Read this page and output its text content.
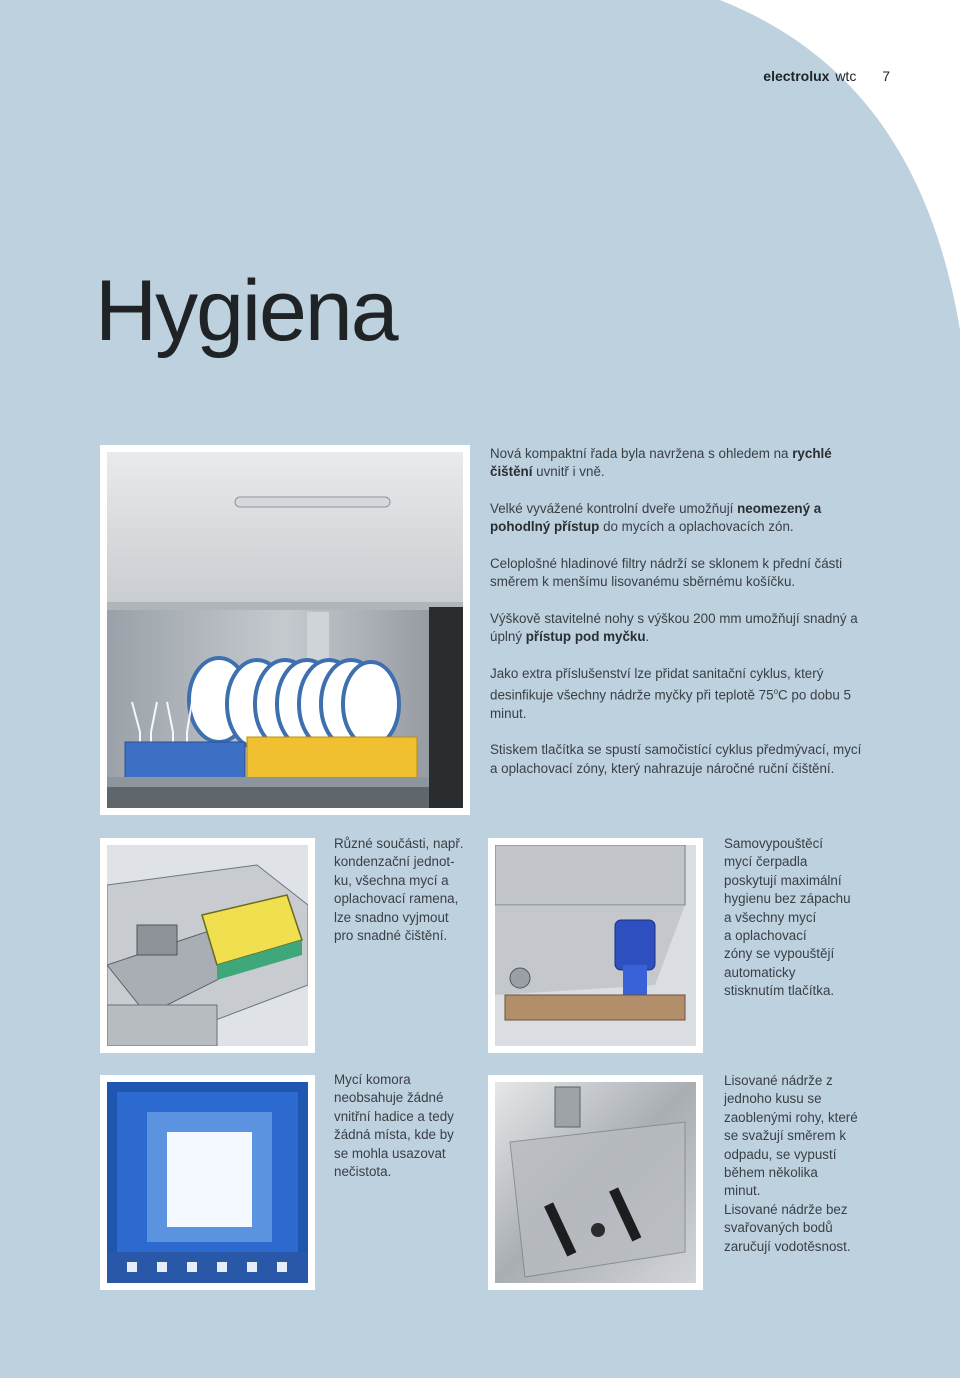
electrolux wtc 7
Hygiena

Nová kompaktní řada byla navržena s ohledem na rychlé čištění uvnitř i vně.

Velké vyvážené kontrolní dveře umožňují neomezený a pohodlný přístup do mycích a oplachovacích zón.

Celoplošné hladinové filtry nádrží se sklonem k přední části směrem k menšímu lisovanému sběrnému košíčku.

Výškově stavitelné nohy s výškou 200 mm umožňují snadný a úplný přístup pod myčku.

Jako extra příslušenství lze přidat sanitační cyklus, který desinfikuje všechny nádrže myčky při teplotě 75$^o$C po dobu 5 minut.

Stiskem tlačítka se spustí samočistící cyklus předmývací, mycí a oplachovací zóny, který nahrazuje náročné ruční čištění.

Různé součásti, např.
kondenzační jednot-
ku, všechna mycí a
oplachovací ramena,
lze snadno vyjmout
pro snadné čištění.
Samovypouštěcí
mycí čerpadla
poskytují maximální
hygienu bez zápachu
a všechny mycí
a oplachovací
zóny se vypouštějí
automaticky
stisknutím tlačítka.
Mycí komora
neobsahuje žádné
vnitřní hadice a tedy
žádná místa, kde by
se mohla usazovat
nečistota.
Lisované nádrže z
jednoho kusu se
zaoblenými rohy, které
se svažují směrem k
odpadu, se vypustí
během několika
minut.
Lisované nádrže bez
svařovaných bodů
zaručují vodotěsnost.
